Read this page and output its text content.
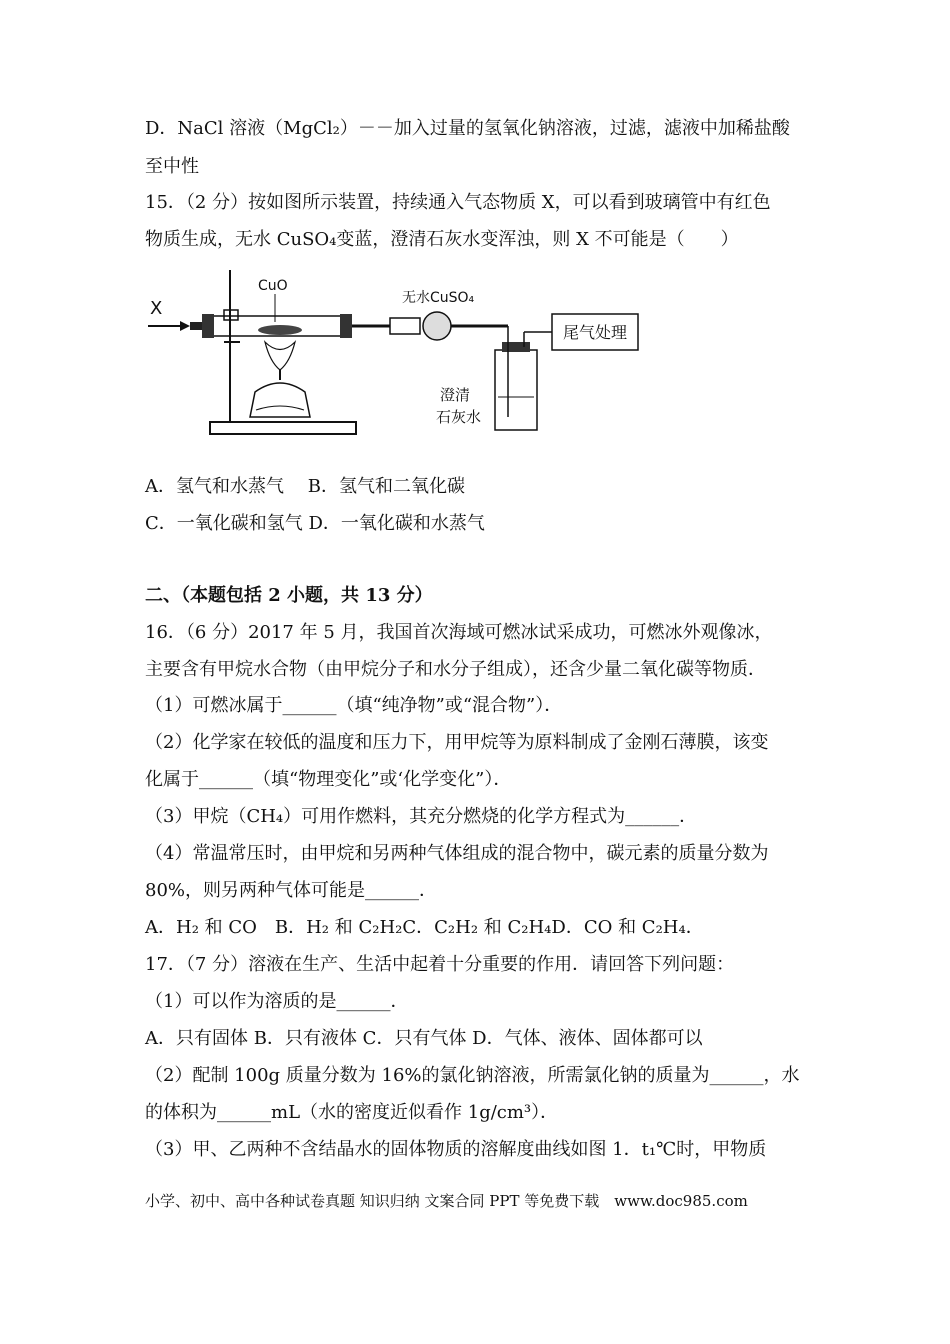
D．NaCl 溶液（MgCl₂）－－加入过量的氢氧化钠溶液，过滤，滤液中加稀盐酸
至中性
15．（2 分）按如图所示装置，持续通入气态物质 X，可以看到玻璃管中有红色
物质生成，无水 CuSO₄变蓝，澄清石灰水变浑浊，则 X 不可能是（　　）
X
CuO
无水CuSO₄
澄清
石灰水
尾气处理
A．氢气和水蒸气　 B．氢气和二氧化碳
C．一氧化碳和氢气 D．一氧化碳和水蒸气
二、（本题包括 2 小题，共 13 分）
16．（6 分）2017 年 5 月，我国首次海域可燃冰试采成功，可燃冰外观像冰，
主要含有甲烷水合物（由甲烷分子和水分子组成），还含少量二氧化碳等物质．
（1）可燃冰属于______（填“纯净物”或“混合物”）．
（2）化学家在较低的温度和压力下，用甲烷等为原料制成了金刚石薄膜，该变
化属于______（填“物理变化”或‘化学变化”）．
（3）甲烷（CH₄）可用作燃料，其充分燃烧的化学方程式为______．
（4）常温常压时，由甲烷和另两种气体组成的混合物中，碳元素的质量分数为
80%，则另两种气体可能是______．
A．H₂ 和 CO　B．H₂ 和 C₂H₂C．C₂H₂ 和 C₂H₄D．CO 和 C₂H₄．
17．（7 分）溶液在生产、生活中起着十分重要的作用．请回答下列问题：
（1）可以作为溶质的是______．
A．只有固体 B．只有液体 C．只有气体 D．气体、液体、固体都可以
（2）配制 100g 质量分数为 16%的氯化钠溶液，所需氯化钠的质量为______，水
的体积为______mL（水的密度近似看作 1g/cm³）．
（3）甲、乙两种不含结晶水的固体物质的溶解度曲线如图 1．t₁℃时，甲物质
小学、初中、高中各种试卷真题 知识归纳 文案合同 PPT 等免费下载　www.doc985.com
